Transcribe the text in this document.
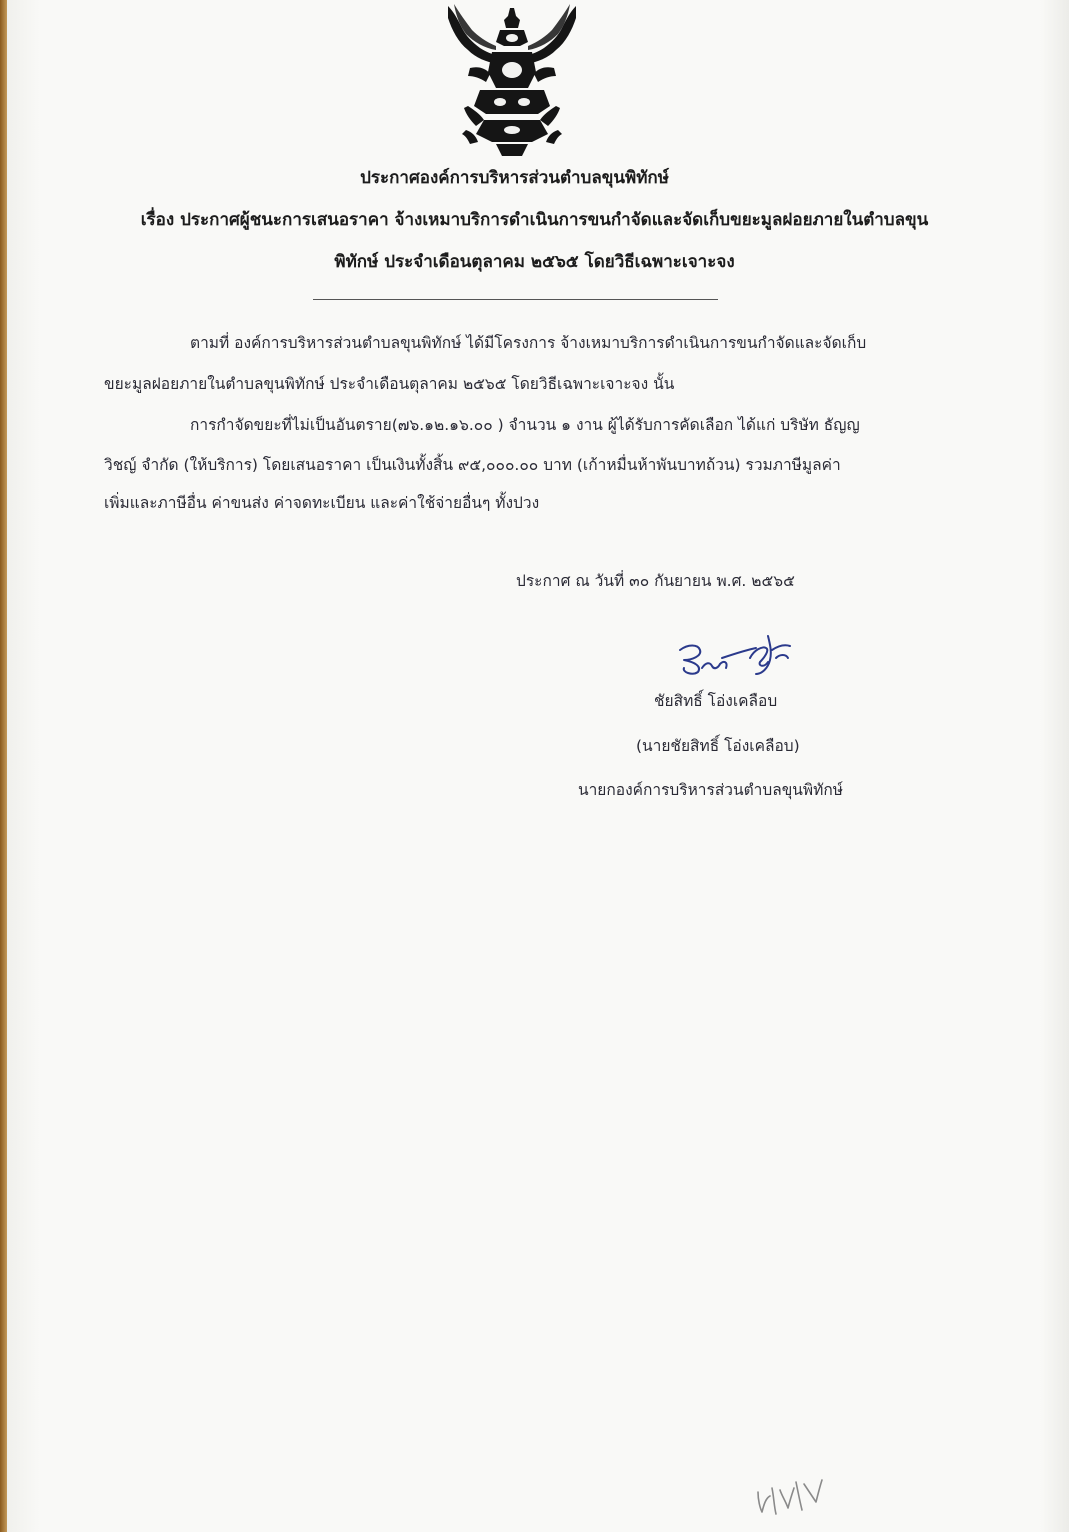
ประกาศองค์การบริหารส่วนตำบลขุนพิทักษ์
เรื่อง ประกาศผู้ชนะการเสนอราคา จ้างเหมาบริการดำเนินการขนกำจัดและจัดเก็บขยะมูลฝอยภายในตำบลขุน
พิทักษ์ ประจำเดือนตุลาคม ๒๕๖๕ โดยวิธีเฉพาะเจาะจง
ตามที่ องค์การบริหารส่วนตำบลขุนพิทักษ์ ได้มีโครงการ จ้างเหมาบริการดำเนินการขนกำจัดและจัดเก็บ
ขยะมูลฝอยภายในตำบลขุนพิทักษ์ ประจำเดือนตุลาคม ๒๕๖๕ โดยวิธีเฉพาะเจาะจง นั้น
การกำจัดขยะที่ไม่เป็นอันตราย(๗๖.๑๒.๑๖.๐๐ ) จำนวน ๑ งาน ผู้ได้รับการคัดเลือก ได้แก่ บริษัท ธัญญ
วิชญ์ จำกัด (ให้บริการ) โดยเสนอราคา เป็นเงินทั้งสิ้น ๙๕,๐๐๐.๐๐ บาท (เก้าหมื่นห้าพันบาทถ้วน) รวมภาษีมูลค่า
เพิ่มและภาษีอื่น ค่าขนส่ง ค่าจดทะเบียน และค่าใช้จ่ายอื่นๆ ทั้งปวง
ประกาศ ณ วันที่ ๓๐ กันยายน พ.ศ. ๒๕๖๕
ชัยสิทธิ์ โอ่งเคลือบ
(นายชัยสิทธิ์ โอ่งเคลือบ)
นายกองค์การบริหารส่วนตำบลขุนพิทักษ์
